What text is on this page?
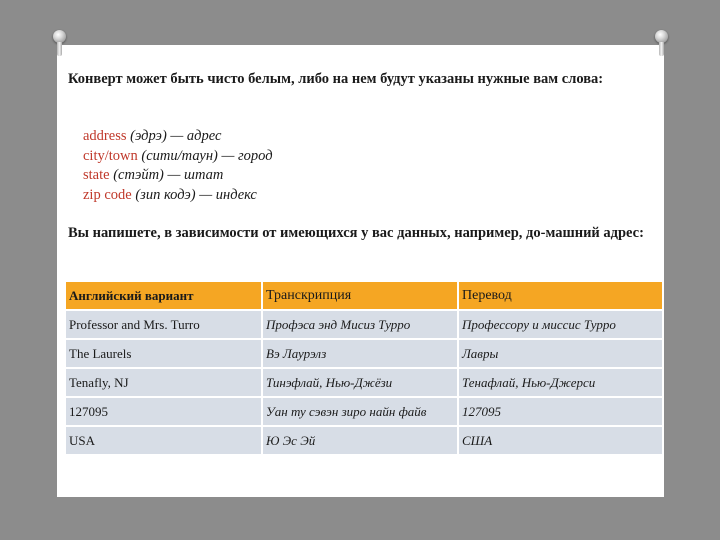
Конверт может быть чисто белым, либо на нем будут указаны нужные вам слова:
address (эдрэ) — адрес
city/town (сити/таун) — город
state (стэйт) — штат
zip code (зип кодэ) — индекс
Вы напишете, в зависимости от имеющихся у вас данных, например, до-машний адрес:
Английский вариант	Транскрипция	Перевод
Professor and Mrs. Turro	Профэса энд Мисиз Турро	Профессору и миссис Турро
The Laurels	Вэ Лаурэлз	Лавры
Tenafly, NJ	Тинэфлай, Нью-Джёзи	Тенафлай, Нью-Джерси
127095	Уан ту сэвэн зиро найн файв	127095
USA	Ю Эс Эй	США
